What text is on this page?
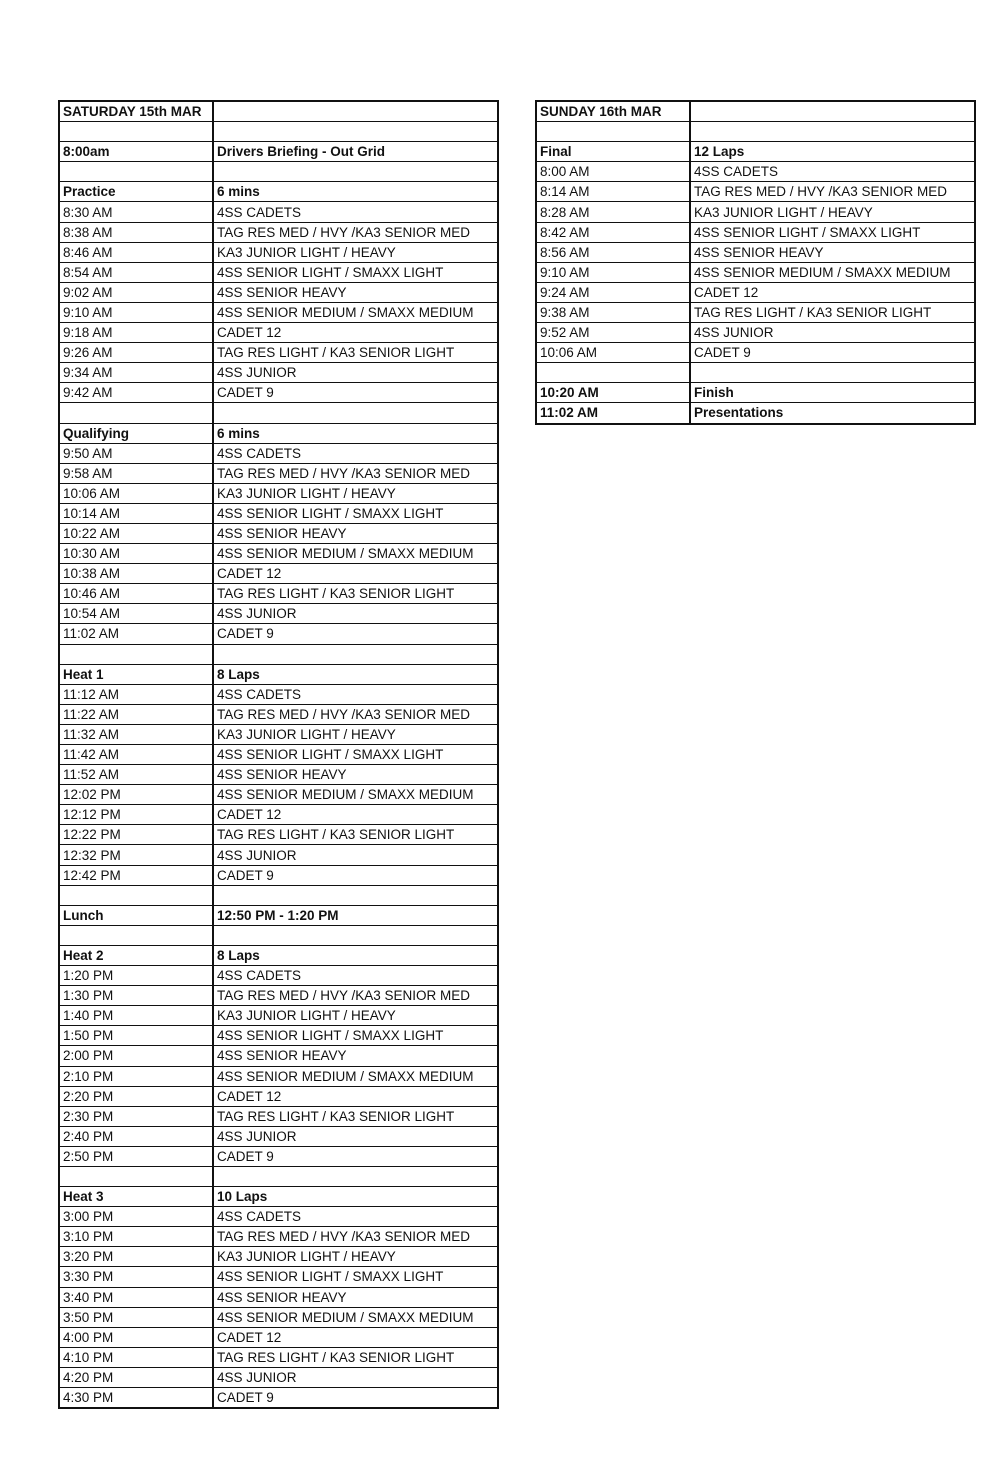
SATURDAY 15th MAR	

8:00am	Drivers Briefing - Out Grid

Practice	6 mins
8:30 AM	4SS CADETS
8:38 AM	TAG RES MED / HVY /KA3 SENIOR MED
8:46 AM	KA3 JUNIOR LIGHT / HEAVY
8:54 AM	4SS SENIOR LIGHT / SMAXX LIGHT
9:02 AM	4SS SENIOR HEAVY
9:10 AM	4SS SENIOR MEDIUM / SMAXX MEDIUM
9:18 AM	CADET 12
9:26 AM	TAG RES LIGHT / KA3 SENIOR LIGHT
9:34 AM	4SS JUNIOR
9:42 AM	CADET 9

Qualifying	6 mins
9:50 AM	4SS CADETS
9:58 AM	TAG RES MED / HVY /KA3 SENIOR MED
10:06 AM	KA3 JUNIOR LIGHT / HEAVY
10:14 AM	4SS SENIOR LIGHT / SMAXX LIGHT
10:22 AM	4SS SENIOR HEAVY
10:30 AM	4SS SENIOR MEDIUM / SMAXX MEDIUM
10:38 AM	CADET 12
10:46 AM	TAG RES LIGHT / KA3 SENIOR LIGHT
10:54 AM	4SS JUNIOR
11:02 AM	CADET 9

Heat 1	8 Laps
11:12 AM	4SS CADETS
11:22 AM	TAG RES MED / HVY /KA3 SENIOR MED
11:32 AM	KA3 JUNIOR LIGHT / HEAVY
11:42 AM	4SS SENIOR LIGHT / SMAXX LIGHT
11:52 AM	4SS SENIOR HEAVY
12:02 PM	4SS SENIOR MEDIUM / SMAXX MEDIUM
12:12 PM	CADET 12
12:22 PM	TAG RES LIGHT / KA3 SENIOR LIGHT
12:32 PM	4SS JUNIOR
12:42 PM	CADET 9

Lunch	12:50 PM - 1:20 PM

Heat 2	8 Laps
1:20 PM	4SS CADETS
1:30 PM	TAG RES MED / HVY /KA3 SENIOR MED
1:40 PM	KA3 JUNIOR LIGHT / HEAVY
1:50 PM	4SS SENIOR LIGHT / SMAXX LIGHT
2:00 PM	4SS SENIOR HEAVY
2:10 PM	4SS SENIOR MEDIUM / SMAXX MEDIUM
2:20 PM	CADET 12
2:30 PM	TAG RES LIGHT / KA3 SENIOR LIGHT
2:40 PM	4SS JUNIOR
2:50 PM	CADET 9

Heat 3	10 Laps
3:00 PM	4SS CADETS
3:10 PM	TAG RES MED / HVY /KA3 SENIOR MED
3:20 PM	KA3 JUNIOR LIGHT / HEAVY
3:30 PM	4SS SENIOR LIGHT / SMAXX LIGHT
3:40 PM	4SS SENIOR HEAVY
3:50 PM	4SS SENIOR MEDIUM / SMAXX MEDIUM
4:00 PM	CADET 12
4:10 PM	TAG RES LIGHT / KA3 SENIOR LIGHT
4:20 PM	4SS JUNIOR
4:30 PM	CADET 9
SUNDAY 16th MAR	

Final	12 Laps
8:00 AM	4SS CADETS
8:14 AM	TAG RES MED / HVY /KA3 SENIOR MED
8:28 AM	KA3 JUNIOR LIGHT / HEAVY
8:42 AM	4SS SENIOR LIGHT / SMAXX LIGHT
8:56 AM	4SS SENIOR HEAVY
9:10 AM	4SS SENIOR MEDIUM / SMAXX MEDIUM
9:24 AM	CADET 12
9:38 AM	TAG RES LIGHT / KA3 SENIOR LIGHT
9:52 AM	4SS JUNIOR
10:06 AM	CADET 9

10:20 AM	Finish
11:02 AM	Presentations
